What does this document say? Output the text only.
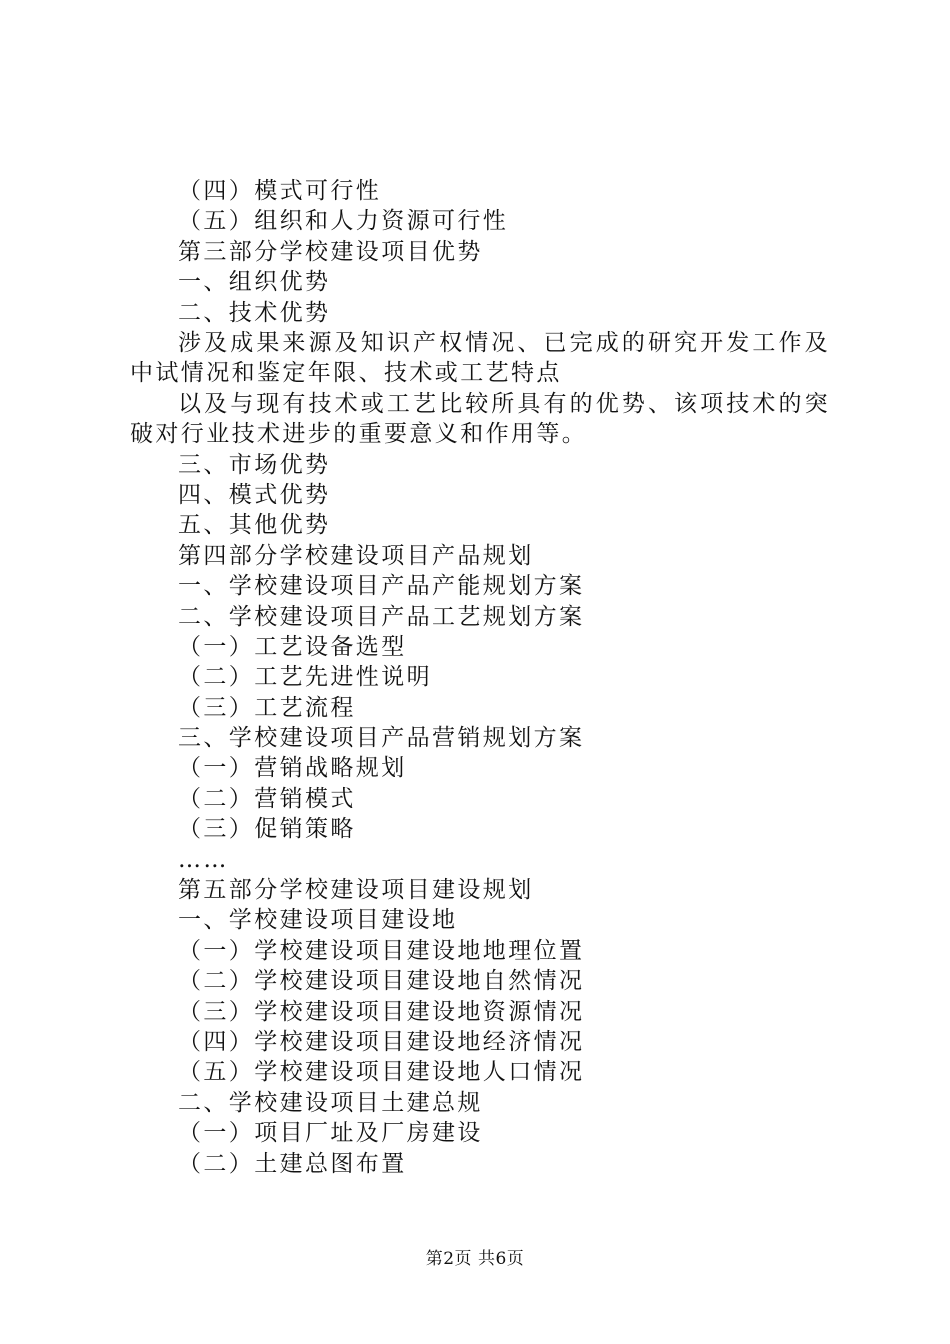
（四）模式可行性
（五）组织和人力资源可行性
第三部分学校建设项目优势
一、组织优势
二、技术优势
涉及成果来源及知识产权情况、已完成的研究开发工作及中试情况和鉴定年限、技术或工艺特点
以及与现有技术或工艺比较所具有的优势、该项技术的突破对行业技术进步的重要意义和作用等。
三、市场优势
四、模式优势
五、其他优势
第四部分学校建设项目产品规划
一、学校建设项目产品产能规划方案
二、学校建设项目产品工艺规划方案
（一）工艺设备选型
（二）工艺先进性说明
（三）工艺流程
三、学校建设项目产品营销规划方案
（一）营销战略规划
（二）营销模式
（三）促销策略
……
第五部分学校建设项目建设规划
一、学校建设项目建设地
（一）学校建设项目建设地地理位置
（二）学校建设项目建设地自然情况
（三）学校建设项目建设地资源情况
（四）学校建设项目建设地经济情况
（五）学校建设项目建设地人口情况
二、学校建设项目土建总规
（一）项目厂址及厂房建设
（二）土建总图布置
第2页 共6页
